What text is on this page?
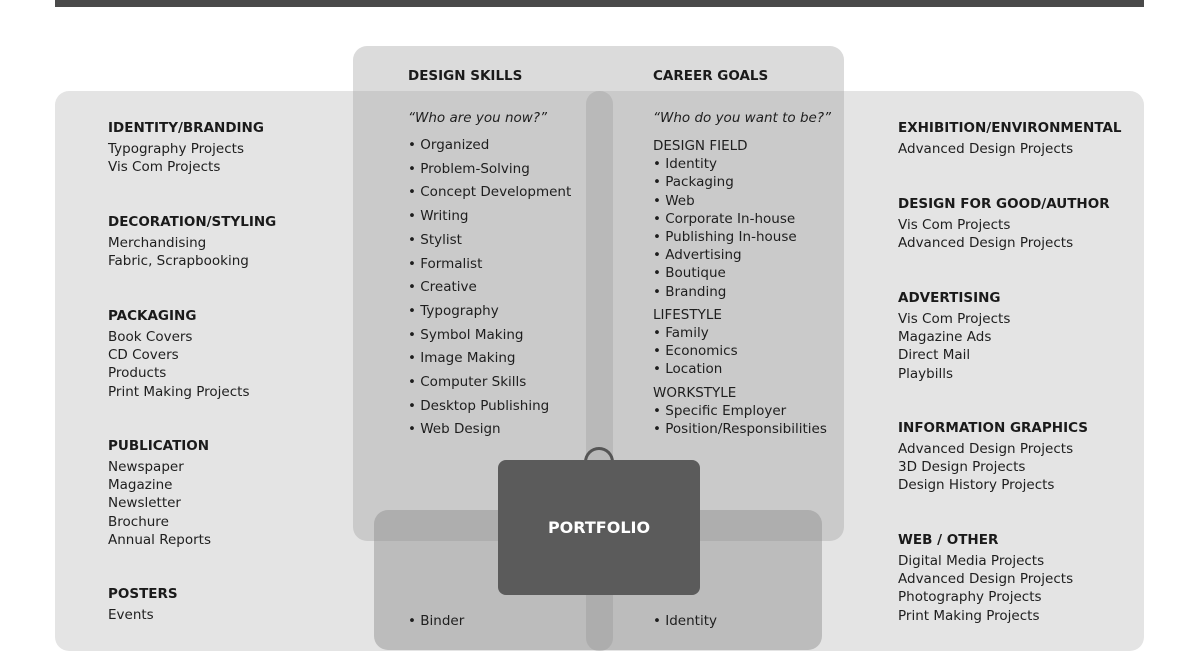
IDENTITY/BRANDING
Typography Projects
Vis Com Projects
DECORATION/STYLING
Merchandising
Fabric, Scrapbooking
PACKAGING
Book Covers
CD Covers
Products
Print Making Projects
PUBLICATION
Newspaper
Magazine
Newsletter
Brochure
Annual Reports
POSTERS
Events
EXHIBITION/ENVIRONMENTAL
Advanced Design Projects
DESIGN FOR GOOD/AUTHOR
Vis Com Projects
Advanced Design Projects
ADVERTISING
Vis Com Projects
Magazine Ads
Direct Mail
Playbills
INFORMATION GRAPHICS
Advanced Design Projects
3D Design Projects
Design History Projects
WEB / OTHER
Digital Media Projects
Advanced Design Projects
Photography Projects
Print Making Projects
DESIGN SKILLS
“Who are you now?”
• Organized
• Problem-Solving
• Concept Development
• Writing
• Stylist
• Formalist
• Creative
• Typography
• Symbol Making
• Image Making
• Computer Skills
• Desktop Publishing
• Web Design
CAREER GOALS
“Who do you want to be?”
DESIGN FIELD
• Identity
• Packaging
• Web
• Corporate In-house
• Publishing In-house
• Advertising
• Boutique
• Branding
LIFESTYLE
• Family
• Economics
• Location
WORKSTYLE
• Specific Employer
• Position/Responsibilities
PORTFOLIO
• Binder	• Identity
